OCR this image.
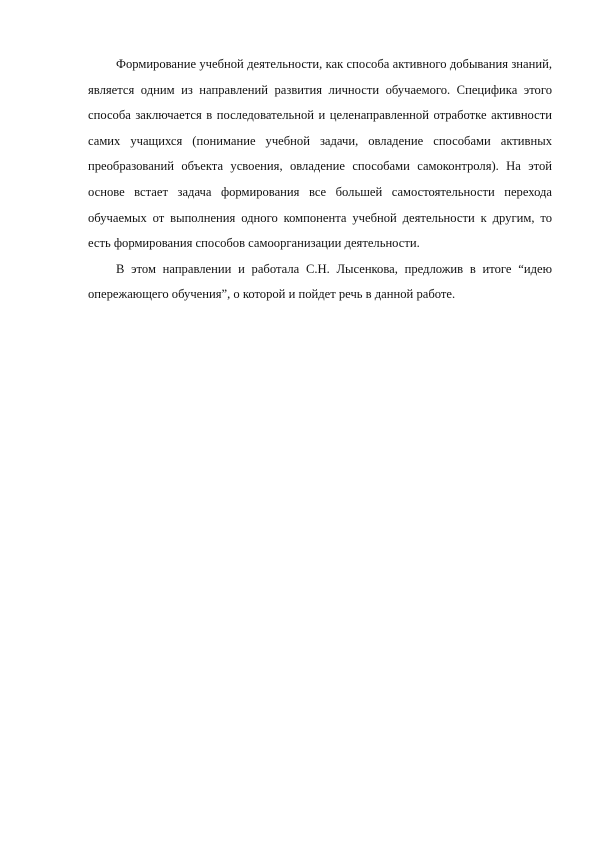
Формирование учебной деятельности, как способа активного добывания знаний, является одним из направлений развития личности обучаемого. Специфика этого способа заключается в последовательной и целенаправленной отработке активности самих учащихся (понимание учебной задачи, овладение способами активных преобразований объекта усвоения, овладение способами самоконтроля). На этой основе встает задача формирования все большей самостоятельности перехода обучаемых от выполнения одного компонента учебной деятельности к другим, то есть формирования способов самоорганизации деятельности.

В этом направлении и работала С.Н. Лысенкова, предложив в итоге “идею опережающего обучения”, о которой и пойдет речь в данной работе.
